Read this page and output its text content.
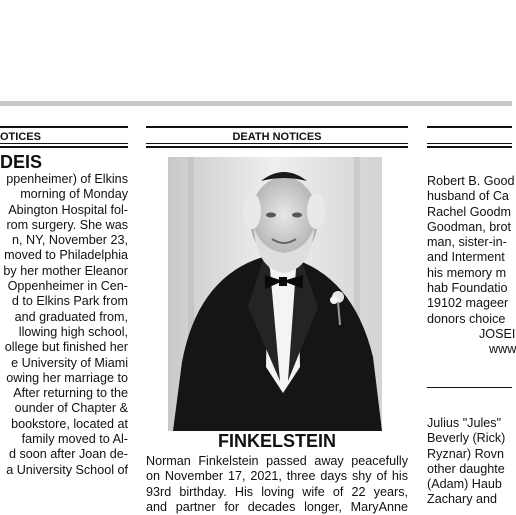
OTICES
DEIS
ppenheimer) of Elkins
morning of Monday
Abington Hospital fol-
rom surgery. She was
n, NY, November 23,
moved to Philadelphia
by her mother Eleanor
Oppenheimer in Cen-
d to Elkins Park from
and graduated from,
llowing high school,
ollege but finished her
e University of Miami
owing her marriage to
After returning to the
ounder of Chapter &
bookstore, located at
family moved to Al-
d soon after Joan de-
a University School of
DEATH NOTICES
FINKELSTEIN
Norman Finkelstein passed away peacefully
on November 17, 2021, three days shy of his
93rd birthday. His loving wife of 22 years,
and partner for decades longer, MaryAnne
Robert B. Good
husband of Ca
Rachel Goodm
Goodman, brot
man, sister-in-
and Interment
his memory m
hab Foundatio
19102 mageer
donors choice
JOSEI
www
Julius "Jules"
Beverly (Rick)
Ryznar) Rovn
other daughte
(Adam) Haub
Zachary and
